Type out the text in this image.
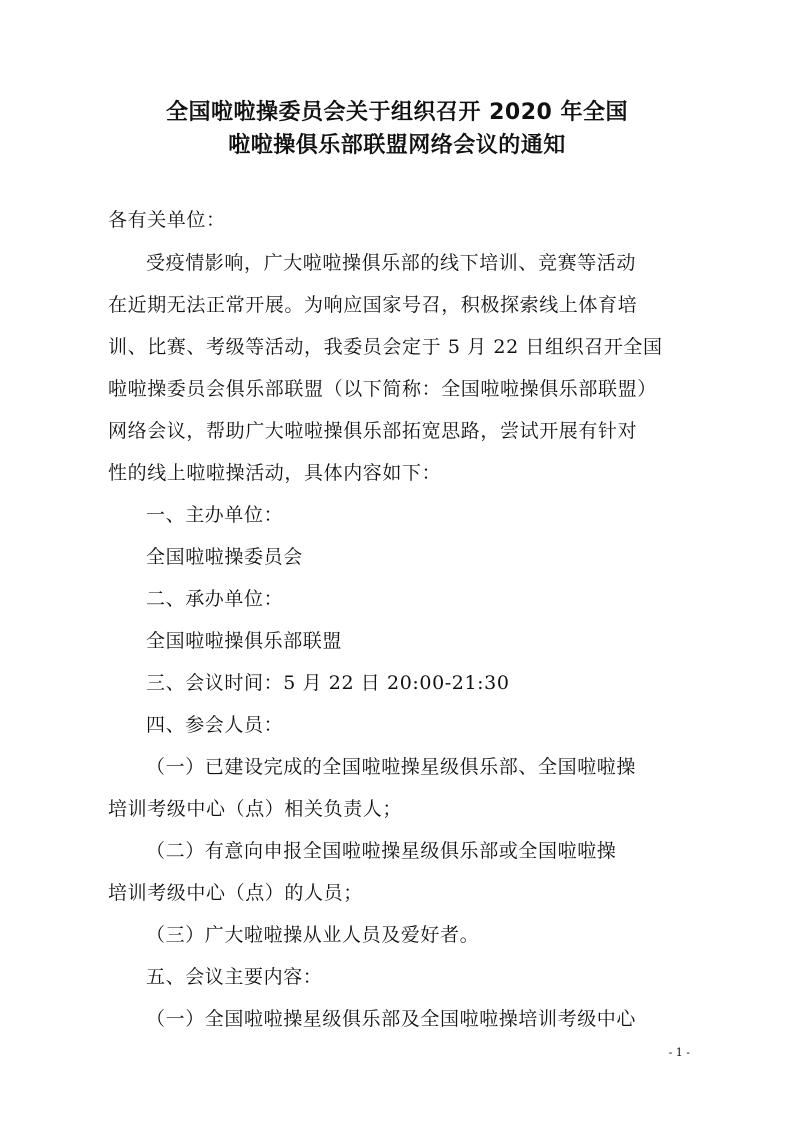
全国啦啦操委员会关于组织召开 2020 年全国
啦啦操俱乐部联盟网络会议的通知
各有关单位：
受疫情影响，广大啦啦操俱乐部的线下培训、竞赛等活动
在近期无法正常开展。为响应国家号召，积极探索线上体育培
训、比赛、考级等活动，我委员会定于 5 月 22 日组织召开全国
啦啦操委员会俱乐部联盟（以下简称：全国啦啦操俱乐部联盟）
网络会议，帮助广大啦啦操俱乐部拓宽思路，尝试开展有针对
性的线上啦啦操活动，具体内容如下：
一、主办单位：
全国啦啦操委员会
二、承办单位：
全国啦啦操俱乐部联盟
三、会议时间：5 月 22 日 20:00-21:30
四、参会人员：
（一）已建设完成的全国啦啦操星级俱乐部、全国啦啦操
培训考级中心（点）相关负责人；
（二）有意向申报全国啦啦操星级俱乐部或全国啦啦操
培训考级中心（点）的人员；
（三）广大啦啦操从业人员及爱好者。
五、会议主要内容：
（一）全国啦啦操星级俱乐部及全国啦啦操培训考级中心
- 1 -
